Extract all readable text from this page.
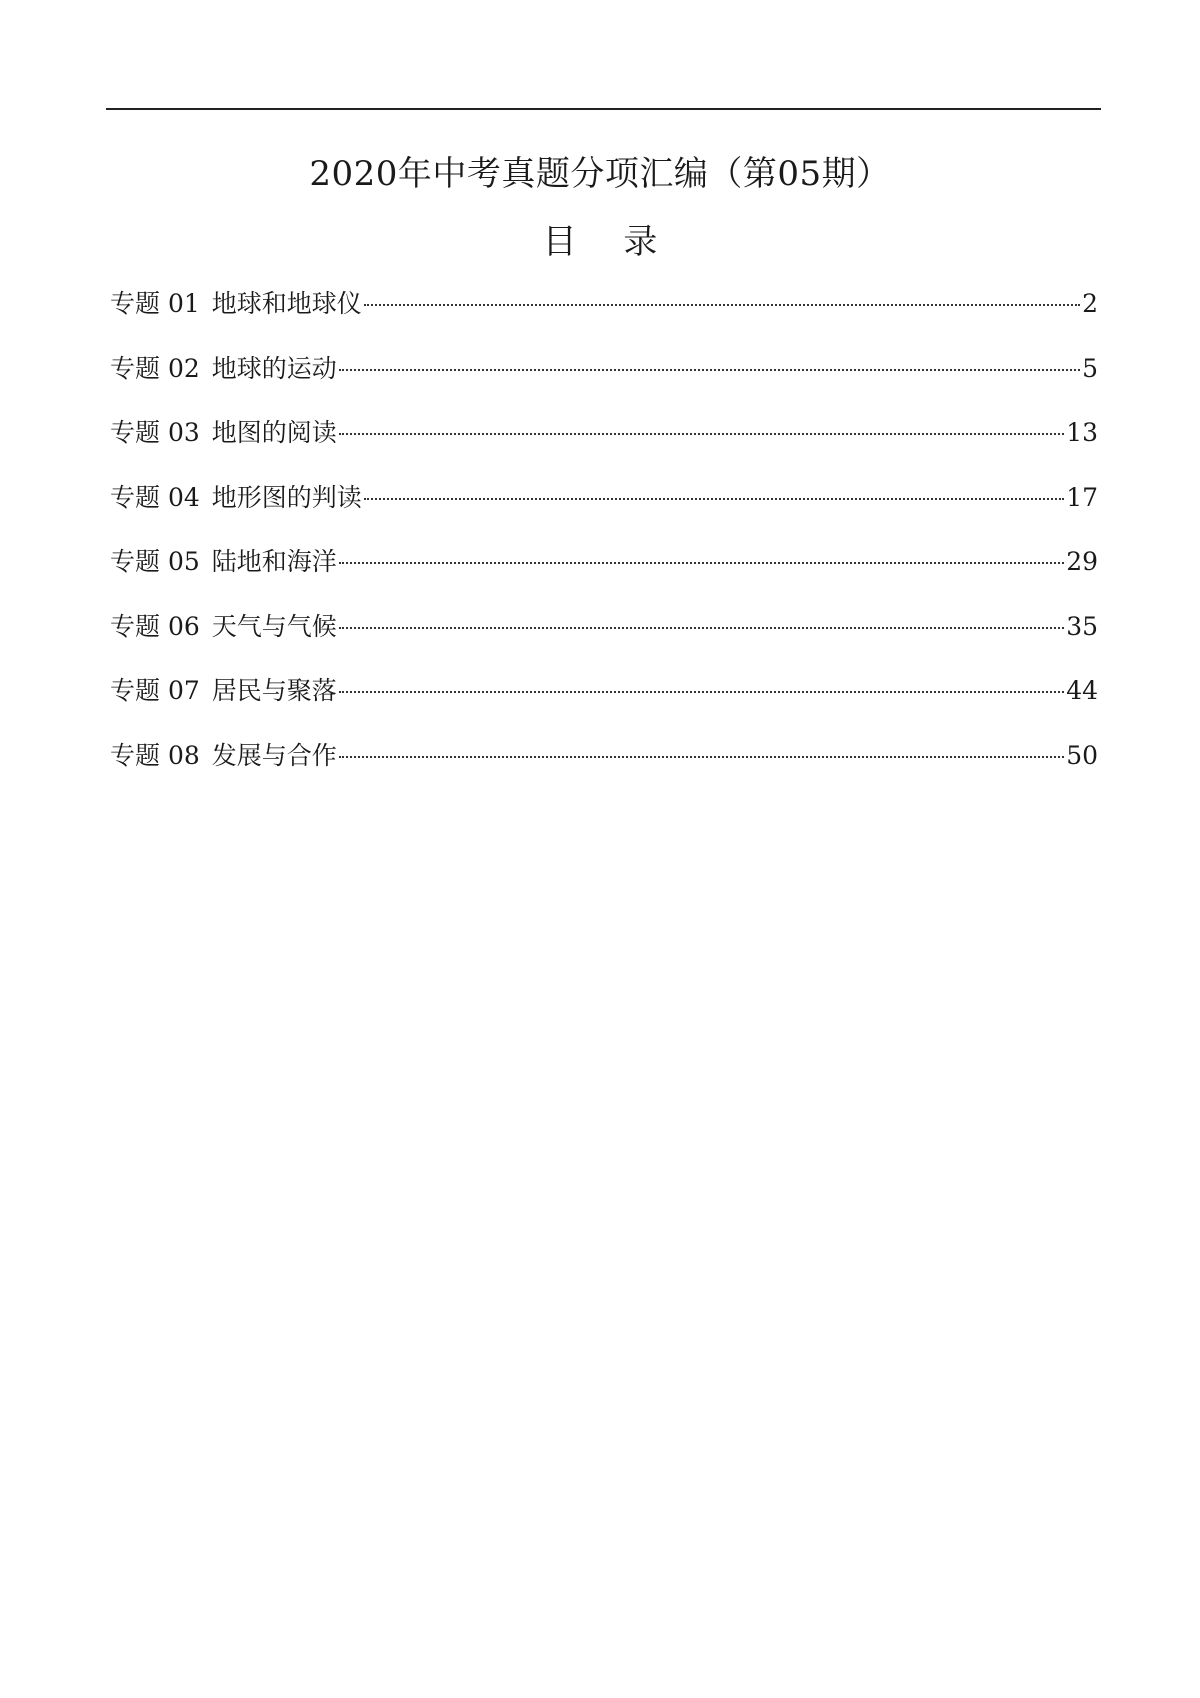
2020年中考真题分项汇编（第05期）
目 录
专题 01 地球和地球仪	2
专题 02 地球的运动	5
专题 03 地图的阅读	13
专题 04 地形图的判读	17
专题 05 陆地和海洋	29
专题 06 天气与气候	35
专题 07 居民与聚落	44
专题 08 发展与合作	50
